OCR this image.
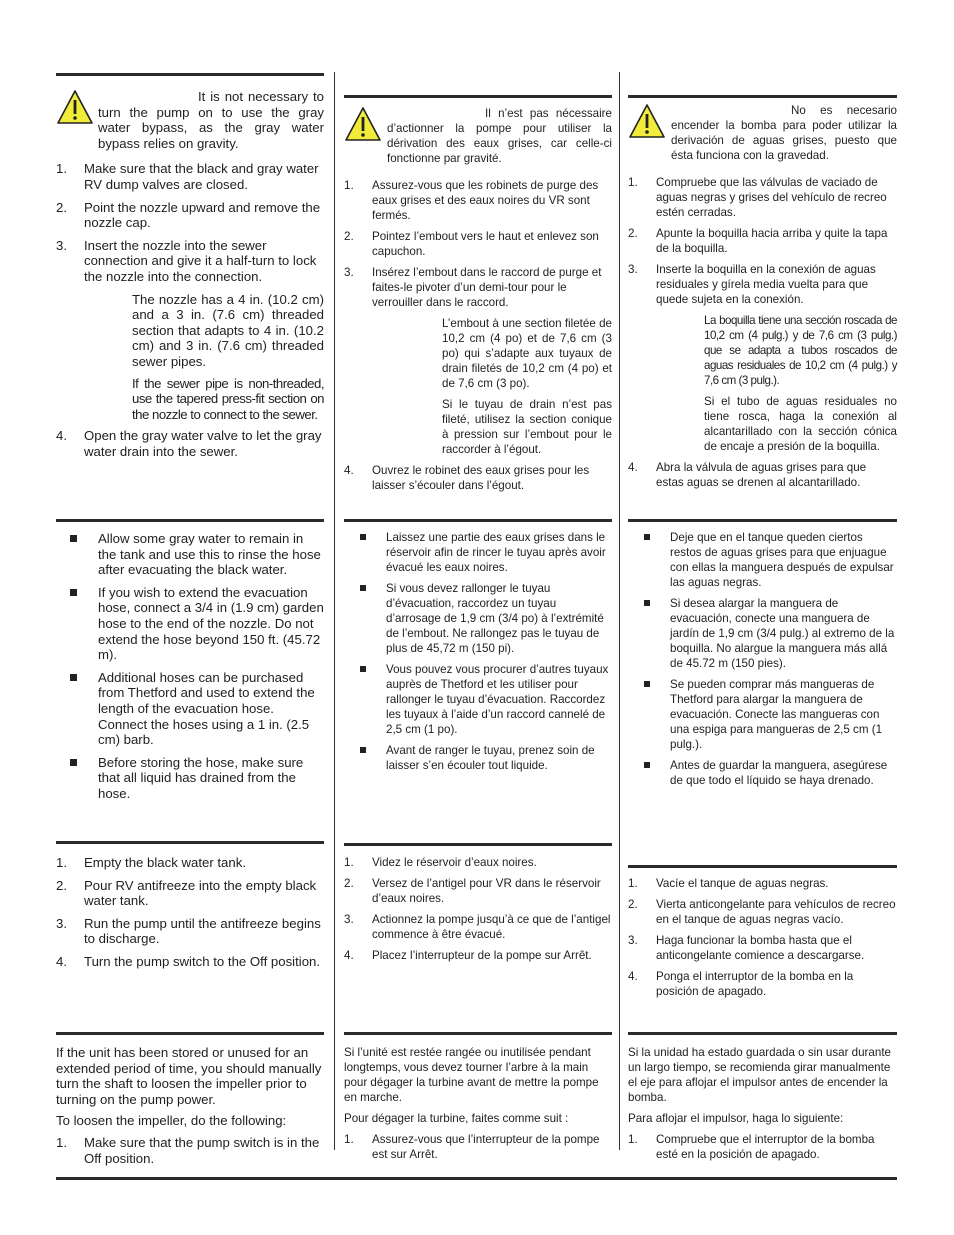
It is not necessary to turn the pump on to use the gray water bypass, as the gray water bypass relies on gravity.

1. Make sure that the black and gray water RV dump valves are closed.
2. Point the nozzle upward and remove the nozzle cap.
3. Insert the nozzle into the sewer connection and give it a half-turn to lock the nozzle into the connection.

The nozzle has a 4 in. (10.2 cm) and a 3 in. (7.6 cm) threaded section that adapts to 4 in. (10.2 cm) and 3 in. (7.6 cm) threaded sewer pipes.

If the sewer pipe is non-threaded, use the tapered press-fit section on the nozzle to connect to the sewer.

4. Open the gray water valve to let the gray water drain into the sewer.
Allow some gray water to remain in the tank and use this to rinse the hose after evacuating the black water.
If you wish to extend the evacuation hose, connect a 3/4 in (1.9 cm) garden hose to the end of the nozzle. Do not extend the hose beyond 150 ft. (45.72 m).
Additional hoses can be purchased from Thetford and used to extend the length of the evacuation hose. Connect the hoses using a 1 in. (2.5 cm) barb.
Before storing the hose, make sure that all liquid has drained from the hose.
1. Empty the black water tank.
2. Pour RV antifreeze into the empty black water tank.
3. Run the pump until the antifreeze begins to discharge.
4. Turn the pump switch to the Off position.

If the unit has been stored or unused for an extended period of time, you should manually turn the shaft to loosen the impeller prior to turning on the pump power.

To loosen the impeller, do the following:

1. Make sure that the pump switch is in the Off position.

Il n’est pas nécessaire d’actionner la pompe pour utiliser la dérivation des eaux grises, car celle-ci fonctionne par gravité.

1. Assurez-vous que les robinets de purge des eaux grises et des eaux noires du VR sont fermés.
2. Pointez l’embout vers le haut et enlevez son capuchon.
3. Insérez l’embout dans le raccord de purge et faites-le pivoter d’un demi-tour pour le verrouiller dans le raccord.

L’embout à une section filetée de 10,2 cm (4 po) et de 7,6 cm (3 po) qui s’adapte aux tuyaux de drain filetés de 10,2 cm (4 po) et de 7,6 cm (3 po).

Si le tuyau de drain n’est pas fileté, utilisez la section conique à pression sur l’embout pour le raccorder à l’égout.

4. Ouvrez le robinet des eaux grises pour les laisser s’écouler dans l’égout.
Laissez une partie des eaux grises dans le réservoir afin de rincer le tuyau après avoir évacué les eaux noires.
Si vous devez rallonger le tuyau d’évacuation, raccordez un tuyau d’arrosage de 1,9 cm (3/4 po) à l’extrémité de l’embout. Ne rallongez pas le tuyau de plus de 45,72 m (150 pi).
Vous pouvez vous procurer d’autres tuyaux auprès de Thetford et les utiliser pour rallonger le tuyau d’évacuation. Raccordez les tuyaux à l’aide d’un raccord cannelé de 2,5 cm (1 po).
Avant de ranger le tuyau, prenez soin de laisser s’en écouler tout liquide.
1. Videz le réservoir d’eaux noires.
2. Versez de l’antigel pour VR dans le réservoir d’eaux noires.
3. Actionnez la pompe jusqu’à ce que de l’antigel commence à être évacué.
4. Placez l’interrupteur de la pompe sur Arrêt.

Si l’unité est restée rangée ou inutilisée pendant longtemps, vous devez tourner l’arbre à la main pour dégager la turbine avant de mettre la pompe en marche.

Pour dégager la turbine, faites comme suit :

1. Assurez-vous que l’interrupteur de la pompe est sur Arrêt.

No es necesario encender la bomba para poder utilizar la derivación de aguas grises, puesto que ésta funciona con la gravedad.

1. Compruebe que las válvulas de vaciado de aguas negras y grises del vehículo de recreo estén cerradas.
2. Apunte la boquilla hacia arriba y quite la tapa de la boquilla.
3. Inserte la boquilla en la conexión de aguas residuales y gírela media vuelta para que quede sujeta en la conexión.

La boquilla tiene una sección roscada de 10,2 cm (4 pulg.) y de 7,6 cm (3 pulg.) que se adapta a tubos roscados de aguas residuales de 10,2 cm (4 pulg.) y 7,6 cm (3 pulg.).

Si el tubo de aguas residuales no tiene rosca, haga la conexión al alcantarillado con la sección cónica de encaje a presión de la boquilla.

4. Abra la válvula de aguas grises para que estas aguas se drenen al alcantarillado.
Deje que en el tanque queden ciertos restos de aguas grises para que enjuague con ellas la manguera después de expulsar las aguas negras.
Si desea alargar la manguera de evacuación, conecte una manguera de jardín de 1,9 cm (3/4 pulg.) al extremo de la boquilla. No alargue la manguera más allá de 45.72 m (150 pies).
Se pueden comprar más mangueras de Thetford para alargar la manguera de evacuación. Conecte las mangueras con una espiga para mangueras de 2,5 cm (1 pulg.).
Antes de guardar la manguera, asegúrese de que todo el líquido se haya drenado.
1. Vacíe el tanque de aguas negras.
2. Vierta anticongelante para vehículos de recreo en el tanque de aguas negras vacío.
3. Haga funcionar la bomba hasta que el anticongelante comience a descargarse.
4. Ponga el interruptor de la bomba en la posición de apagado.

Si la unidad ha estado guardada o sin usar durante un largo tiempo, se recomienda girar manualmente el eje para aflojar el impulsor antes de encender la bomba.

Para aflojar el impulsor, haga lo siguiente:

1. Compruebe que el interruptor de la bomba esté en la posición de apagado.
